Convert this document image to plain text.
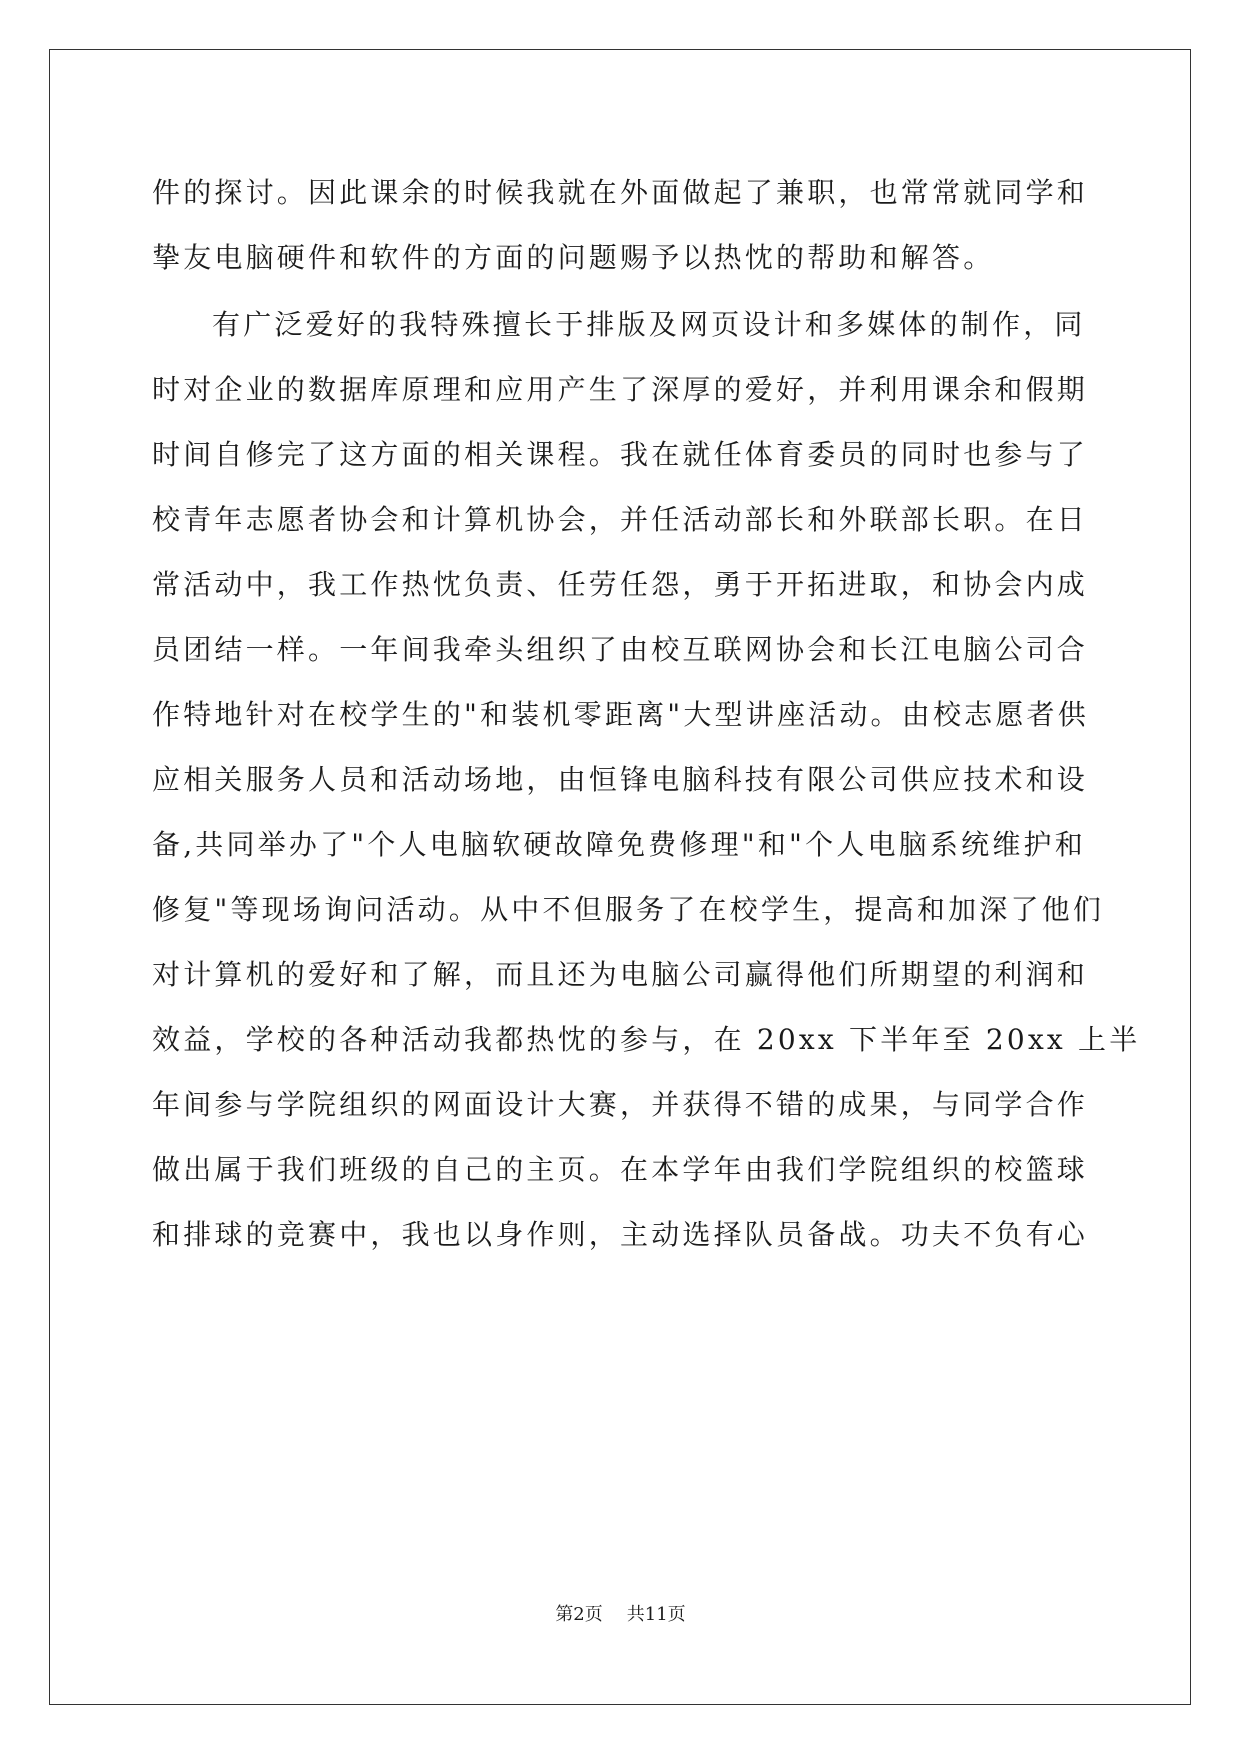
件的探讨。因此课余的时候我就在外面做起了兼职，也常常就同学和
挚友电脑硬件和软件的方面的问题赐予以热忱的帮助和解答。
有广泛爱好的我特殊擅长于排版及网页设计和多媒体的制作，同
时对企业的数据库原理和应用产生了深厚的爱好，并利用课余和假期
时间自修完了这方面的相关课程。我在就任体育委员的同时也参与了
校青年志愿者协会和计算机协会，并任活动部长和外联部长职。在日
常活动中，我工作热忱负责、任劳任怨，勇于开拓进取，和协会内成
员团结一样。一年间我牵头组织了由校互联网协会和长江电脑公司合
作特地针对在校学生的"和装机零距离"大型讲座活动。由校志愿者供
应相关服务人员和活动场地，由恒锋电脑科技有限公司供应技术和设
备,共同举办了"个人电脑软硬故障免费修理"和"个人电脑系统维护和
修复"等现场询问活动。从中不但服务了在校学生，提高和加深了他们
对计算机的爱好和了解，而且还为电脑公司赢得他们所期望的利润和
效益，学校的各种活动我都热忱的参与，在 20xx 下半年至 20xx 上半
年间参与学院组织的网面设计大赛，并获得不错的成果，与同学合作
做出属于我们班级的自己的主页。在本学年由我们学院组织的校篮球
和排球的竞赛中，我也以身作则，主动选择队员备战。功夫不负有心
第2页 共11页
